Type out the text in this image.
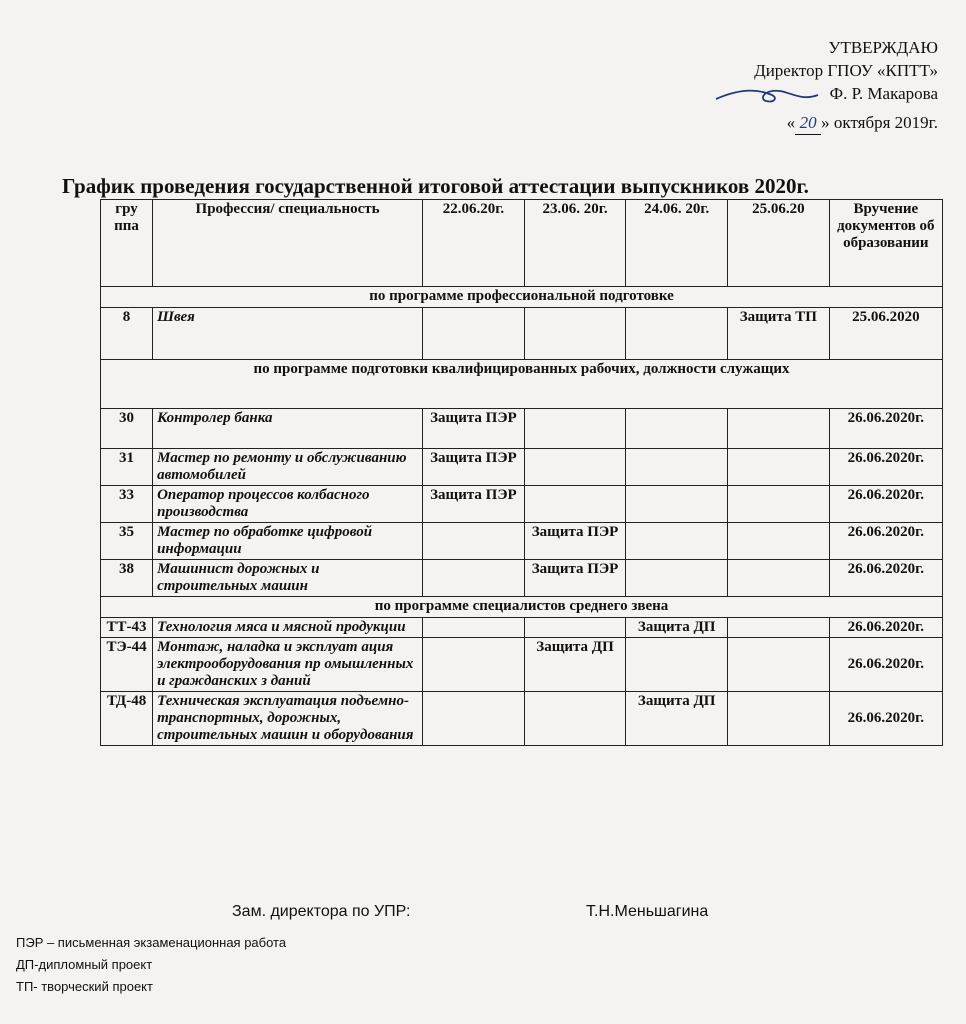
УТВЕРЖДАЮ
Директор ГПОУ «КПТТ»
Ф. Р. Макарова
« 20 » октября 2019г.
График проведения государственной итоговой аттестации выпускников 2020г.
гру ппа	Профессия/ специальность	22.06.20г.	23.06. 20г.	24.06. 20г.	25.06.20	Вручение документов об образовании
по программе профессиональной подготовке						
8	Швея				Защита ТП	25.06.2020
по программе подготовки квалифицированных рабочих, должности служащих						
30	Контролер банка	Защита ПЭР				26.06.2020г.
31	Мастер по ремонту и обслуживанию автомобилей	Защита ПЭР				26.06.2020г.
33	Оператор процессов колбасного производства	Защита ПЭР				26.06.2020г.
35	Мастер по обработке цифровой информации		Защита ПЭР			26.06.2020г.
38	Машинист дорожных и строительных машин		Защита ПЭР			26.06.2020г.
по программе специалистов среднего звена						
ТТ-43	Технология мяса и мясной продукции			Защита ДП		26.06.2020г.
ТЭ-44	Монтаж, наладка и эксплуат ация электрооборудования пр омышленных и гражданских з даний		Защита ДП			26.06.2020г.
ТД-48	Техническая эксплуатация подъемно-транспортных, дорожных, строительных машин и оборудования			Защита ДП		26.06.2020г.
Зам. директора по УПР:	Т.Н.Меньшагина
ПЭР – письменная экзаменационная работа
ДП-дипломный проект
ТП- творческий проект
